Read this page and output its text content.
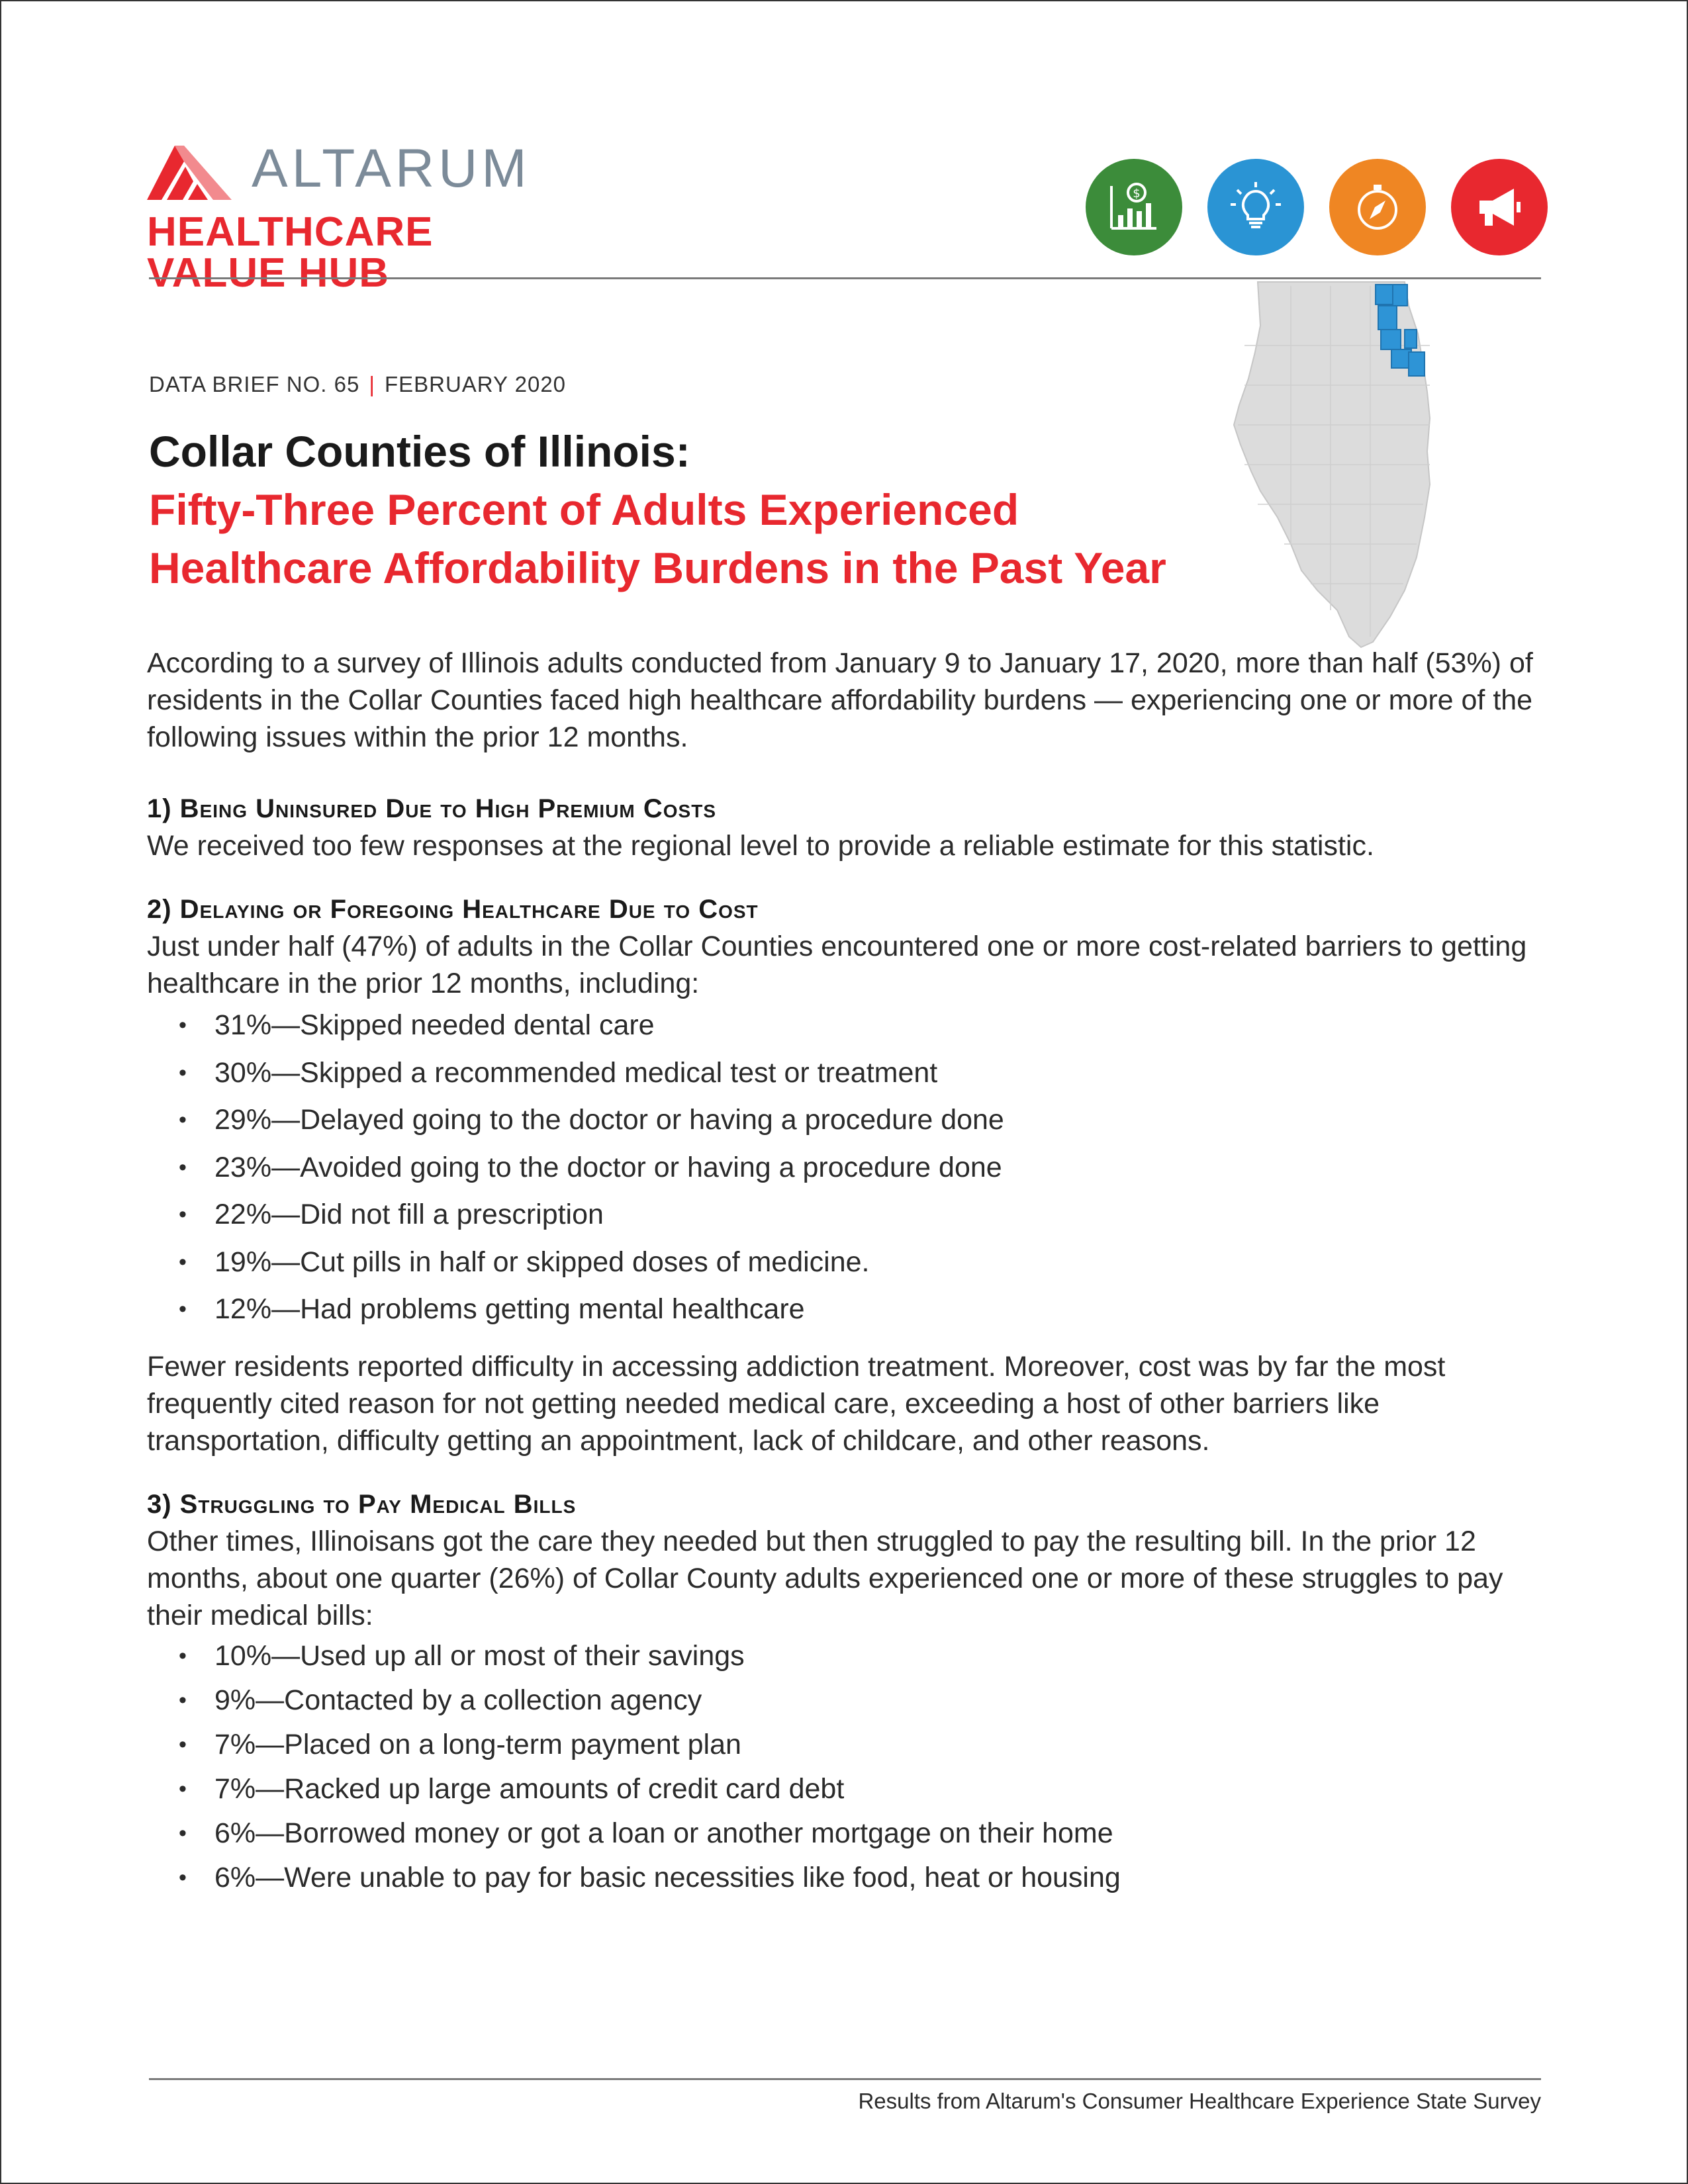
ALTARUM
HEALTHCARE VALUE HUB
$
DATA BRIEF NO. 65 | FEBRUARY 2020
Collar Counties of Illinois:
Fifty-Three Percent of Adults Experienced
Healthcare Affordability Burdens in the Past Year

According to a survey of Illinois adults conducted from January 9 to January 17, 2020, more than half (53%) of residents in the Collar Counties faced high healthcare affordability burdens — experiencing one or more of the following issues within the prior 12 months.

1) Being Uninsured Due to High Premium Costs

We received too few responses at the regional level to provide a reliable estimate for this statistic.

2) Delaying or Foregoing Healthcare Due to Cost

Just under half (47%) of adults in the Collar Counties encountered one or more cost-related barriers to getting healthcare in the prior 12 months, including:

• 31%—Skipped needed dental care
• 30%—Skipped a recommended medical test or treatment
• 29%—Delayed going to the doctor or having a procedure done
• 23%—Avoided going to the doctor or having a procedure done
• 22%—Did not fill a prescription
• 19%—Cut pills in half or skipped doses of medicine.
• 12%—Had problems getting mental healthcare

Fewer residents reported difficulty in accessing addiction treatment. Moreover, cost was by far the most frequently cited reason for not getting needed medical care, exceeding a host of other barriers like transportation, difficulty getting an appointment, lack of childcare, and other reasons.

3) Struggling to Pay Medical Bills

Other times, Illinoisans got the care they needed but then struggled to pay the resulting bill. In the prior 12 months, about one quarter (26%) of Collar County adults experienced one or more of these struggles to pay their medical bills:

• 10%—Used up all or most of their savings
• 9%—Contacted by a collection agency
• 7%—Placed on a long-term payment plan
• 7%—Racked up large amounts of credit card debt
• 6%—Borrowed money or got a loan or another mortgage on their home
• 6%—Were unable to pay for basic necessities like food, heat or housing
Results from Altarum's Consumer Healthcare Experience State Survey
